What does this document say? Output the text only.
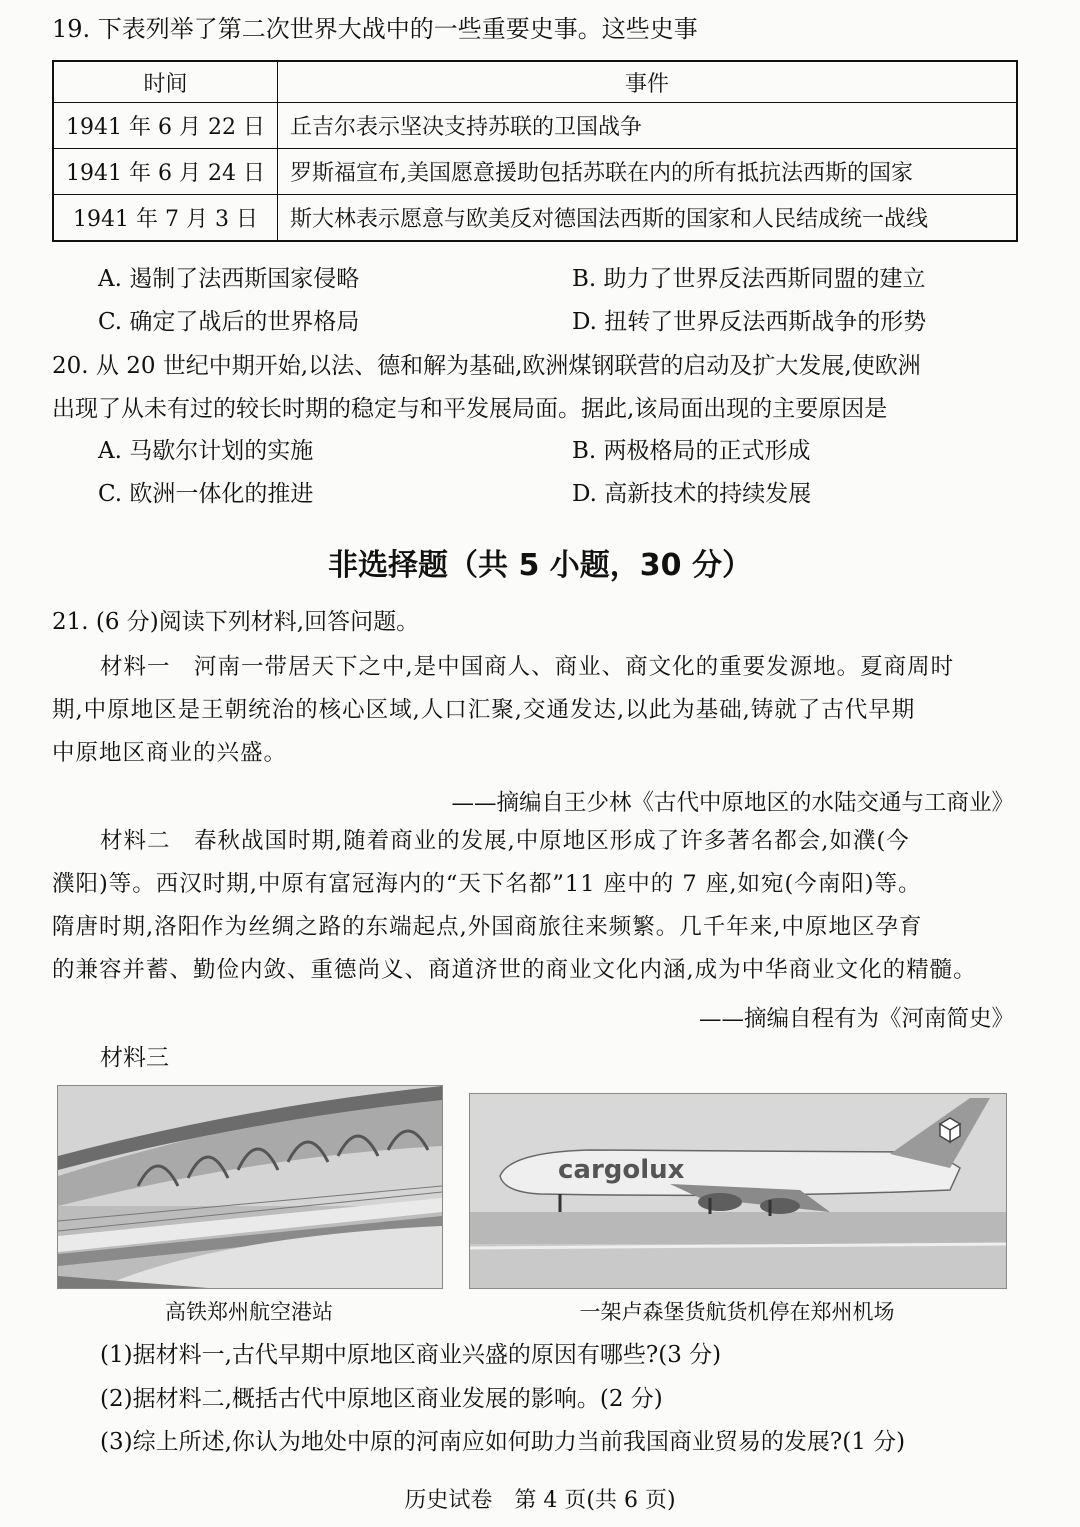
19. 下表列举了第二次世界大战中的一些重要史事。这些史事
时间	事件
1941 年 6 月 22 日	丘吉尔表示坚决支持苏联的卫国战争
1941 年 6 月 24 日	罗斯福宣布,美国愿意援助包括苏联在内的所有抵抗法西斯的国家
1941 年 7 月 3 日	斯大林表示愿意与欧美反对德国法西斯的国家和人民结成统一战线
A. 遏制了法西斯国家侵略	B. 助力了世界反法西斯同盟的建立
C. 确定了战后的世界格局	D. 扭转了世界反法西斯战争的形势
20. 从 20 世纪中期开始,以法、德和解为基础,欧洲煤钢联营的启动及扩大发展,使欧洲
出现了从未有过的较长时期的稳定与和平发展局面。据此,该局面出现的主要原因是
A. 马歇尔计划的实施	B. 两极格局的正式形成
C. 欧洲一体化的推进	D. 高新技术的持续发展
非选择题（共 5 小题，30 分）
21. (6 分)阅读下列材料,回答问题。
材料一　河南一带居天下之中,是中国商人、商业、商文化的重要发源地。夏商周时
期,中原地区是王朝统治的核心区域,人口汇聚,交通发达,以此为基础,铸就了古代早期
中原地区商业的兴盛。
——摘编自王少林《古代中原地区的水陆交通与工商业》
材料二　春秋战国时期,随着商业的发展,中原地区形成了许多著名都会,如濮(今
濮阳)等。西汉时期,中原有富冠海内的“天下名都”11 座中的 7 座,如宛(今南阳)等。
隋唐时期,洛阳作为丝绸之路的东端起点,外国商旅往来频繁。几千年来,中原地区孕育
的兼容并蓄、勤俭内敛、重德尚义、商道济世的商业文化内涵,成为中华商业文化的精髓。
——摘编自程有为《河南简史》
材料三
高铁郑州航空港站
cargolux
一架卢森堡货航货机停在郑州机场
(1)据材料一,古代早期中原地区商业兴盛的原因有哪些?(3 分)
(2)据材料二,概括古代中原地区商业发展的影响。(2 分)
(3)综上所述,你认为地处中原的河南应如何助力当前我国商业贸易的发展?(1 分)
历史试卷　第 4 页(共 6 页)
